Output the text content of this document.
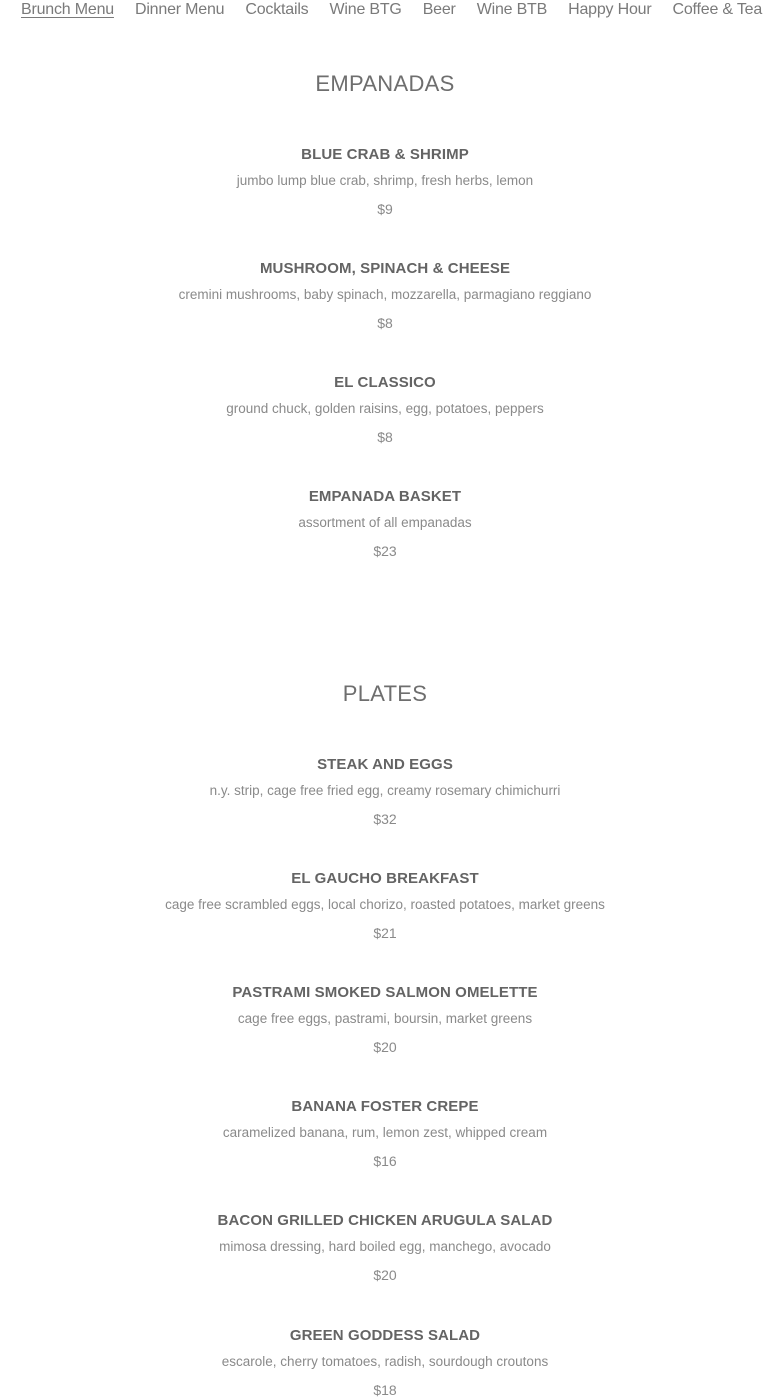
Brunch Menu Dinner Menu Cocktails Wine BTG Beer Wine BTB Happy Hour Coffee & Tea
EMPANADAS
BLUE CRAB & SHRIMP
jumbo lump blue crab, shrimp, fresh herbs, lemon
$9
MUSHROOM, SPINACH & CHEESE
cremini mushrooms, baby spinach, mozzarella, parmagiano reggiano
$8
EL CLASSICO
ground chuck, golden raisins, egg, potatoes, peppers
$8
EMPANADA BASKET
assortment of all empanadas
$23
PLATES
STEAK AND EGGS
n.y. strip, cage free fried egg, creamy rosemary chimichurri
$32
EL GAUCHO BREAKFAST
cage free scrambled eggs, local chorizo, roasted potatoes, market greens
$21
PASTRAMI SMOKED SALMON OMELETTE
cage free eggs, pastrami, boursin, market greens
$20
BANANA FOSTER CREPE
caramelized banana, rum, lemon zest, whipped cream
$16
BACON GRILLED CHICKEN ARUGULA SALAD
mimosa dressing, hard boiled egg, manchego, avocado
$20
GREEN GODDESS SALAD
escarole, cherry tomatoes, radish, sourdough croutons
$18
